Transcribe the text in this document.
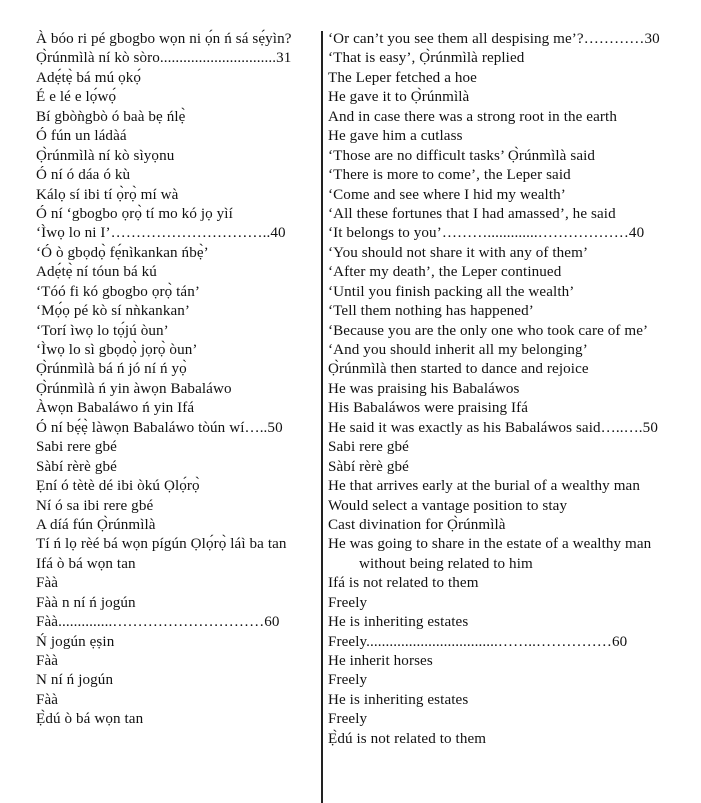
À bóo ri pé gbogbo wọn ni ọ́n ń sá sẹ́yìn?
Ọ̀rúnmìlà ní kò sòro..............................31
Adẹ́tẹ̀ bá mú ọkọ́
É e lé e lọ́wọ́
Bí gbòǹgbò ó baà bẹ ńlẹ̀
Ó fún un ládàá
Ọ̀rúnmìlà ní kò sìyọnu
Ó ní ó dáa ó kù
Kálọ sí ibi tí ọ̀rọ̀ mí wà
Ó ní ‘gbogbo ọrọ̀ tí mo kó jọ yìí
‘Ìwọ lo ni I’…………………………..40
‘Ó ò gbọdọ̀ fẹ́nìkankan ńbẹ̀’
Adẹ́tẹ̀ ní tóun bá kú
‘Tóó fi kó gbogbo ọrọ̀ tán’
‘Mọ́ọ pé kò sí nǹkankan’
‘Torí ìwọ lo tọ́jú òun’
‘Ìwọ lo sì gbọdọ̀ jọrọ̀ òun’
Ọ̀rúnmìlà bá ń jó ní ń yọ̀
Ọ̀rúnmìlà ń yin àwọn Babaláwo
Àwọn Babaláwo ń yin Ifá
Ó ní bẹ́ẹ̀ làwọn Babaláwo tòún wí…..50
Sabi rere gbé
Sàbí rèrè gbé
Ẹní ó tètè dé ibi òkú Ọlọ́rọ̀
Ní ó sa ibi rere gbé
A díá fún Ọ̀rúnmìlà
Tí ń lọ rèé bá wọn pígún Ọlọ́rọ̀ láì ba tan
Ifá ò bá wọn tan
Fàà
Fàà n ní ń jogún
Fàà..............…………………………60
Ń jogún ẹṣin
Fàà
N ní ń jogún
Fàà
Ẹ̀dú ò bá wọn tan
‘Or can’t you see them all despising me’?…………30
‘That is easy’, Ọ̀rúnmìlà replied
The Leper fetched a hoe
He gave it to Ọ̀rúnmìlà
And in case there was a strong root in the earth
He gave him a cutlass
‘Those are no difficult tasks’ Ọ̀rúnmìlà said
‘There is more to come’, the Leper said
‘Come and see where I hid my wealth’
‘All these fortunes that I had amassed’, he said
‘It belongs to you’……….............………………40
‘You should not share it with any of them’
‘After my death’, the Leper continued
‘Until you finish packing all the wealth’
‘Tell them nothing has happened’
‘Because you are the only one who took care of me’
‘And you should inherit all my belonging’
Ọ̀rúnmìlà then started to dance and rejoice
He was praising his Babaláwos
His Babaláwos were praising Ifá
He said it was exactly as his Babaláwos said…..….50
Sabi rere gbé
Sàbí rèrè gbé
He that arrives early at the burial of a wealthy man
Would select a vantage position to stay
Cast divination for Ọ̀rúnmìlà
He was going to share in the estate of a wealthy man
without being related to him
Ifá is not related to them
Freely
He is inheriting estates
Freely..................................……..……………60
He inherit horses
Freely
He is inheriting estates
Freely
Ẹ̀dú is not related to them
